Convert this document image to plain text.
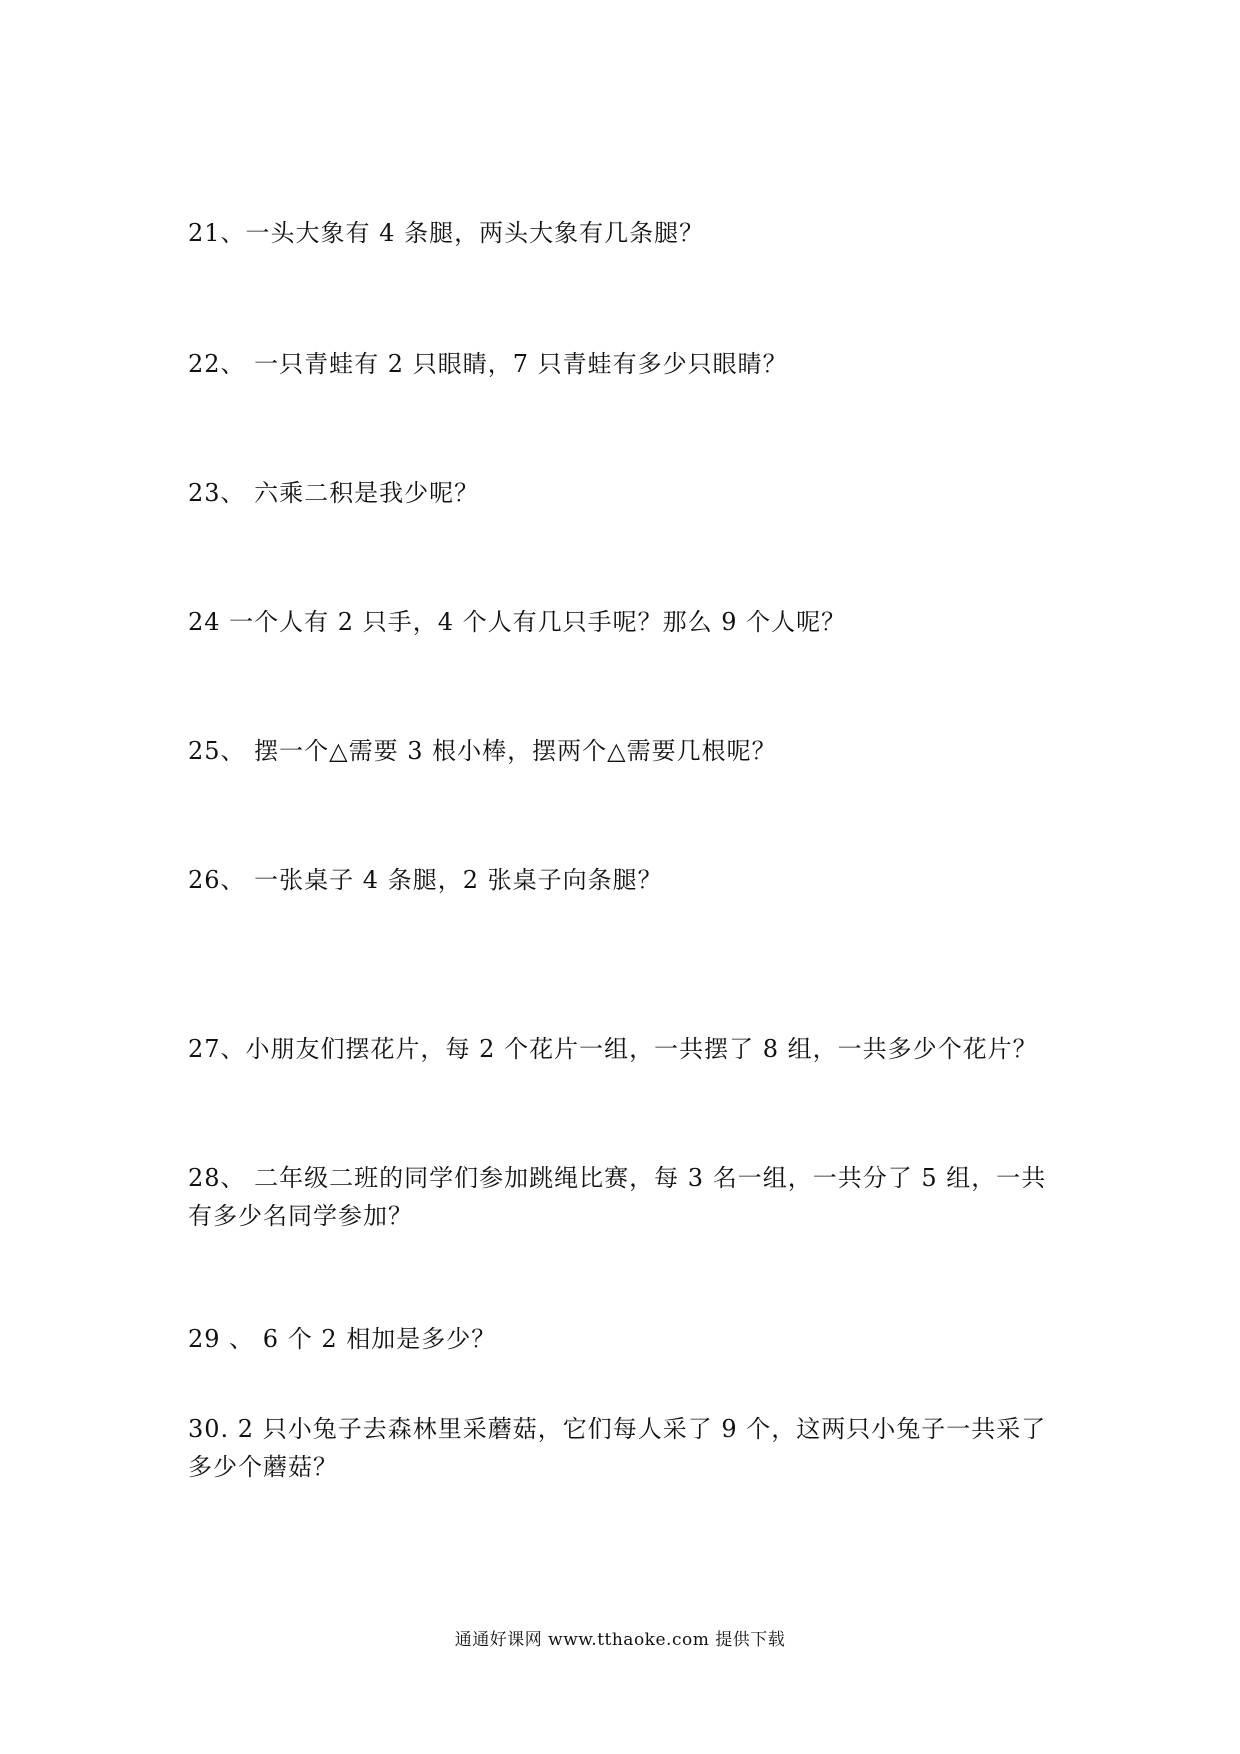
21、一头大象有 4 条腿，两头大象有几条腿？
22、 一只青蛙有 2 只眼睛，7 只青蛙有多少只眼睛？
23、 六乘二积是我少呢？
24 一个人有 2 只手，4 个人有几只手呢？那么 9 个人呢？
25、 摆一个△需要 3 根小棒，摆两个△需要几根呢？
26、 一张桌子 4 条腿，2 张桌子向条腿？
27、小朋友们摆花片，每 2 个花片一组，一共摆了 8 组，一共多少个花片？
28、 二年级二班的同学们参加跳绳比赛，每 3 名一组，一共分了 5 组，一共有多少名同学参加？
29 、 6 个 2 相加是多少？
30. 2 只小兔子去森林里采蘑菇，它们每人采了 9 个，这两只小兔子一共采了多少个蘑菇？
通通好课网 www.tthaoke.com 提供下载
